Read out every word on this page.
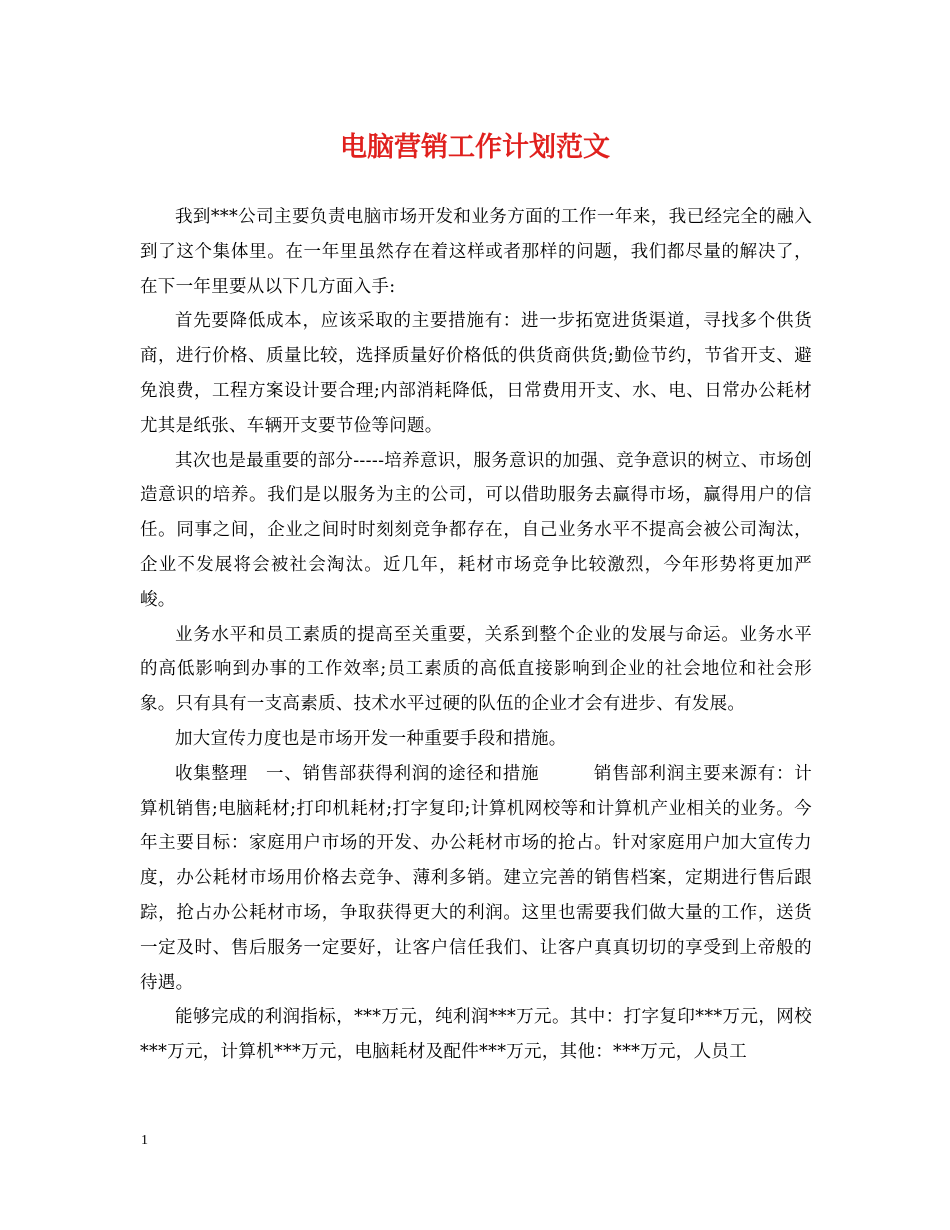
电脑营销工作计划范文

我到***公司主要负责电脑市场开发和业务方面的工作一年来，我已经完全的融入到了这个集体里。在一年里虽然存在着这样或者那样的问题，我们都尽量的解决了，在下一年里要从以下几方面入手:

首先要降低成本，应该采取的主要措施有：进一步拓宽进货渠道，寻找多个供货商，进行价格、质量比较，选择质量好价格低的供货商供货;勤俭节约，节省开支、避免浪费，工程方案设计要合理;内部消耗降低，日常费用开支、水、电、日常办公耗材尤其是纸张、车辆开支要节俭等问题。

其次也是最重要的部分-----培养意识，服务意识的加强、竞争意识的树立、市场创造意识的培养。我们是以服务为主的公司，可以借助服务去赢得市场，赢得用户的信任。同事之间，企业之间时时刻刻竞争都存在，自己业务水平不提高会被公司淘汰，企业不发展将会被社会淘汰。近几年，耗材市场竞争比较激烈，今年形势将更加严峻。

业务水平和员工素质的提高至关重要，关系到整个企业的发展与命运。业务水平的高低影响到办事的工作效率;员工素质的高低直接影响到企业的社会地位和社会形象。只有具有一支高素质、技术水平过硬的队伍的企业才会有进步、有发展。

加大宣传力度也是市场开发一种重要手段和措施。

收集整理　一、销售部获得利润的途径和措施　　　销售部利润主要来源有：计算机销售;电脑耗材;打印机耗材;打字复印;计算机网校等和计算机产业相关的业务。今年主要目标：家庭用户市场的开发、办公耗材市场的抢占。针对家庭用户加大宣传力度，办公耗材市场用价格去竞争、薄利多销。建立完善的销售档案，定期进行售后跟踪，抢占办公耗材市场，争取获得更大的利润。这里也需要我们做大量的工作，送货一定及时、售后服务一定要好，让客户信任我们、让客户真真切切的享受到上帝般的待遇。

能够完成的利润指标，***万元，纯利润***万元。其中：打字复印***万元，网校***万元，计算机***万元，电脑耗材及配件***万元，其他：***万元，人员工

1
